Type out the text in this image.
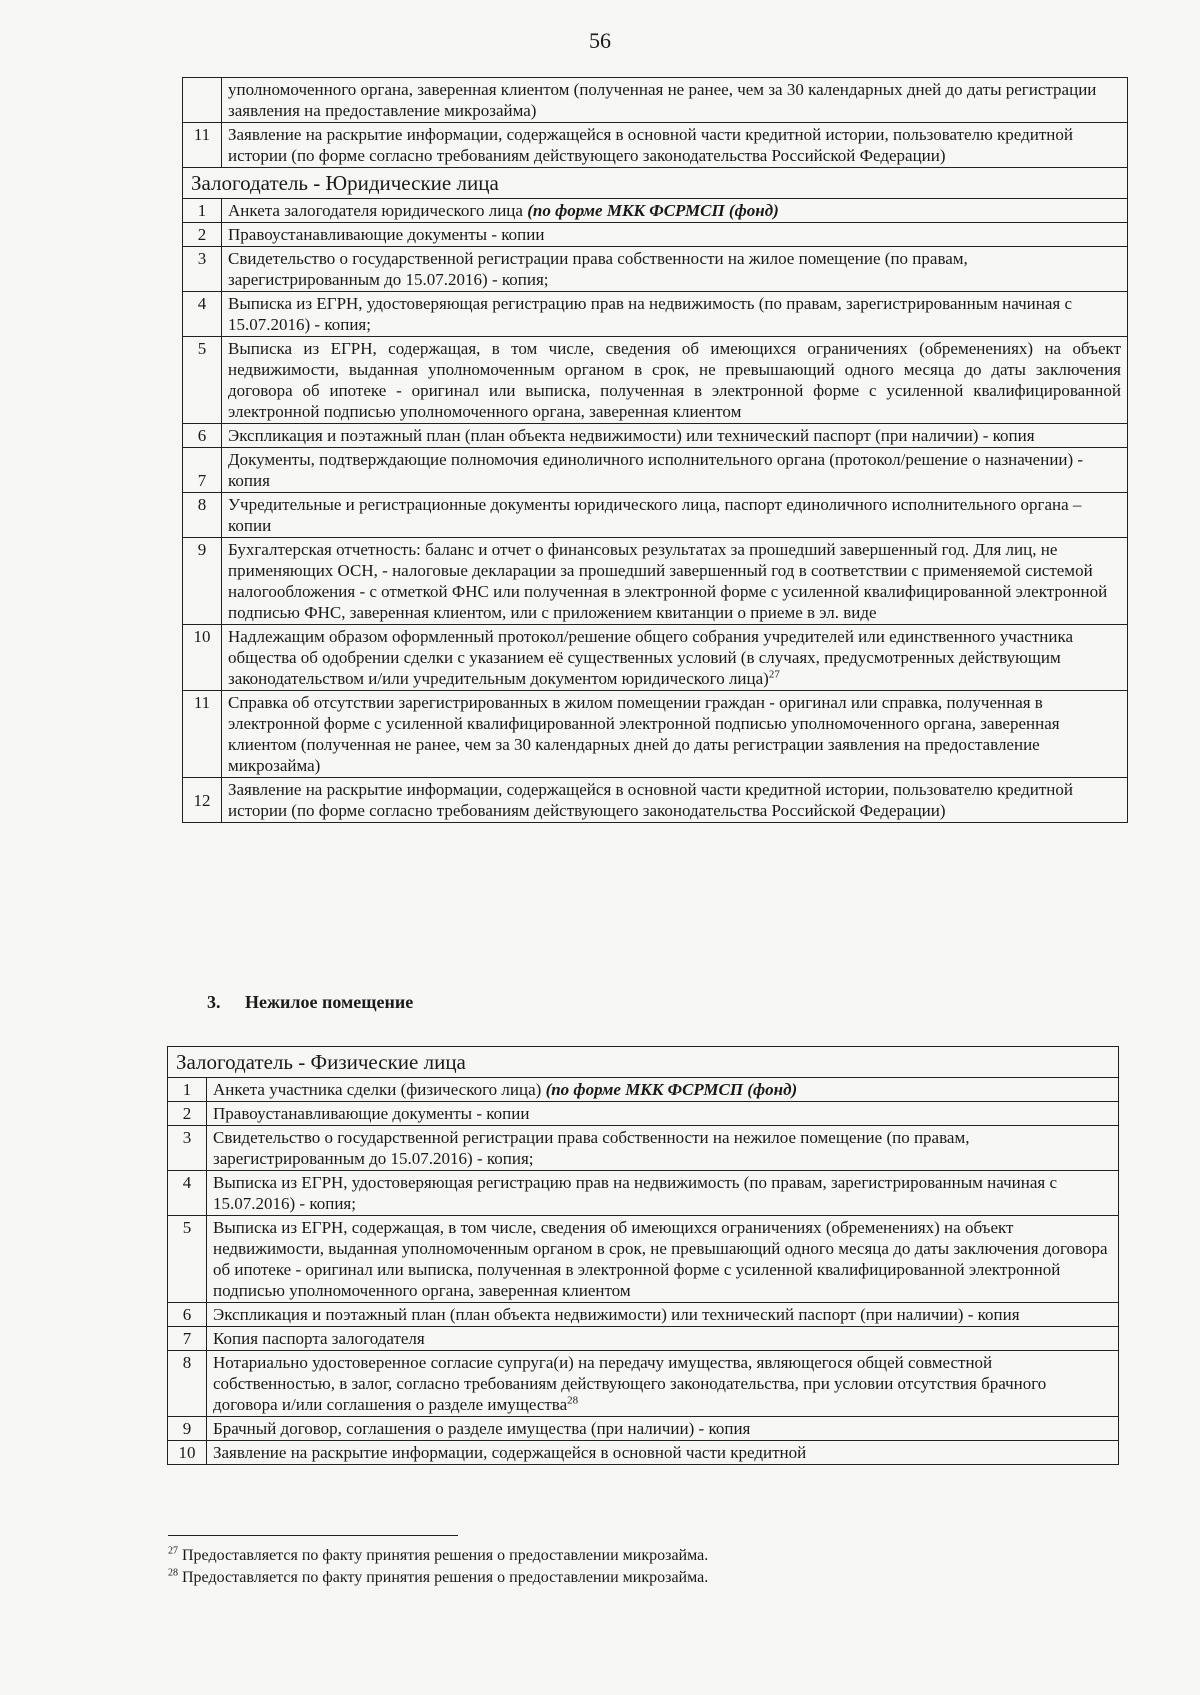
56
	уполномоченного органа, заверенная клиентом (полученная не ранее, чем за 30 календарных дней до даты регистрации заявления на предоставление микрозайма)
11	Заявление на раскрытие информации, содержащейся в основной части кредитной истории, пользователю кредитной истории (по форме согласно требованиям действующего законодательства Российской Федерации)
Залогодатель - Юридические лица	
1	Анкета залогодателя юридического лица (по форме МКК ФСРМСП (фонд)
2	Правоустанавливающие документы - копии
3	Свидетельство о государственной регистрации права собственности на жилое помещение (по правам, зарегистрированным до 15.07.2016) - копия;
4	Выписка из ЕГРН, удостоверяющая регистрацию прав на недвижимость (по правам, зарегистрированным начиная с 15.07.2016) - копия;
5	Выписка из ЕГРН, содержащая, в том числе, сведения об имеющихся ограничениях (обременениях) на объект недвижимости, выданная уполномоченным органом в срок, не превышающий одного месяца до даты заключения договора об ипотеке - оригинал или выписка, полученная в электронной форме с усиленной квалифицированной электронной подписью уполномоченного органа, заверенная клиентом
6	Экспликация и поэтажный план (план объекта недвижимости) или технический паспорт (при наличии) - копия
7	Документы, подтверждающие полномочия единоличного исполнительного органа (протокол/решение о назначении) - копия
8	Учредительные и регистрационные документы юридического лица, паспорт единоличного исполнительного органа – копии
9	Бухгалтерская отчетность: баланс и отчет о финансовых результатах за прошедший завершенный год. Для лиц, не применяющих ОСН, - налоговые декларации за прошедший завершенный год в соответствии с применяемой системой налогообложения - с отметкой ФНС или полученная в электронной форме с усиленной квалифицированной электронной подписью ФНС, заверенная клиентом, или с приложением квитанции о приеме в эл. виде
10	Надлежащим образом оформленный протокол/решение общего собрания учредителей или единственного участника общества об одобрении сделки с указанием её существенных условий (в случаях, предусмотренных действующим законодательством и/или учредительным документом юридического лица)$^{27}$
11	Справка об отсутствии зарегистрированных в жилом помещении граждан - оригинал или справка, полученная в электронной форме с усиленной квалифицированной электронной подписью уполномоченного органа, заверенная клиентом (полученная не ранее, чем за 30 календарных дней до даты регистрации заявления на предоставление микрозайма)
12	Заявление на раскрытие информации, содержащейся в основной части кредитной истории, пользователю кредитной истории (по форме согласно требованиям действующего законодательства Российской Федерации)
3. Нежилое помещение
Залогодатель - Физические лица	
1	Анкета участника сделки (физического лица) (по форме МКК ФСРМСП (фонд)
2	Правоустанавливающие документы - копии
3	Свидетельство о государственной регистрации права собственности на нежилое помещение (по правам, зарегистрированным до 15.07.2016) - копия;
4	Выписка из ЕГРН, удостоверяющая регистрацию прав на недвижимость (по правам, зарегистрированным начиная с 15.07.2016) - копия;
5	Выписка из ЕГРН, содержащая, в том числе, сведения об имеющихся ограничениях (обременениях) на объект недвижимости, выданная уполномоченным органом в срок, не превышающий одного месяца до даты заключения договора об ипотеке - оригинал или выписка, полученная в электронной форме с усиленной квалифицированной электронной подписью уполномоченного органа, заверенная клиентом
6	Экспликация и поэтажный план (план объекта недвижимости) или технический паспорт (при наличии) - копия
7	Копия паспорта залогодателя
8	Нотариально удостоверенное согласие супруга(и) на передачу имущества, являющегося общей совместной собственностью, в залог, согласно требованиям действующего законодательства, при условии отсутствия брачного договора и/или соглашения о разделе имущества$^{28}$
9	Брачный договор, соглашения о разделе имущества (при наличии) - копия
10	Заявление на раскрытие информации, содержащейся в основной части кредитной
$^{27}$ Предоставляется по факту принятия решения о предоставлении микрозайма.
$^{28}$ Предоставляется по факту принятия решения о предоставлении микрозайма.
